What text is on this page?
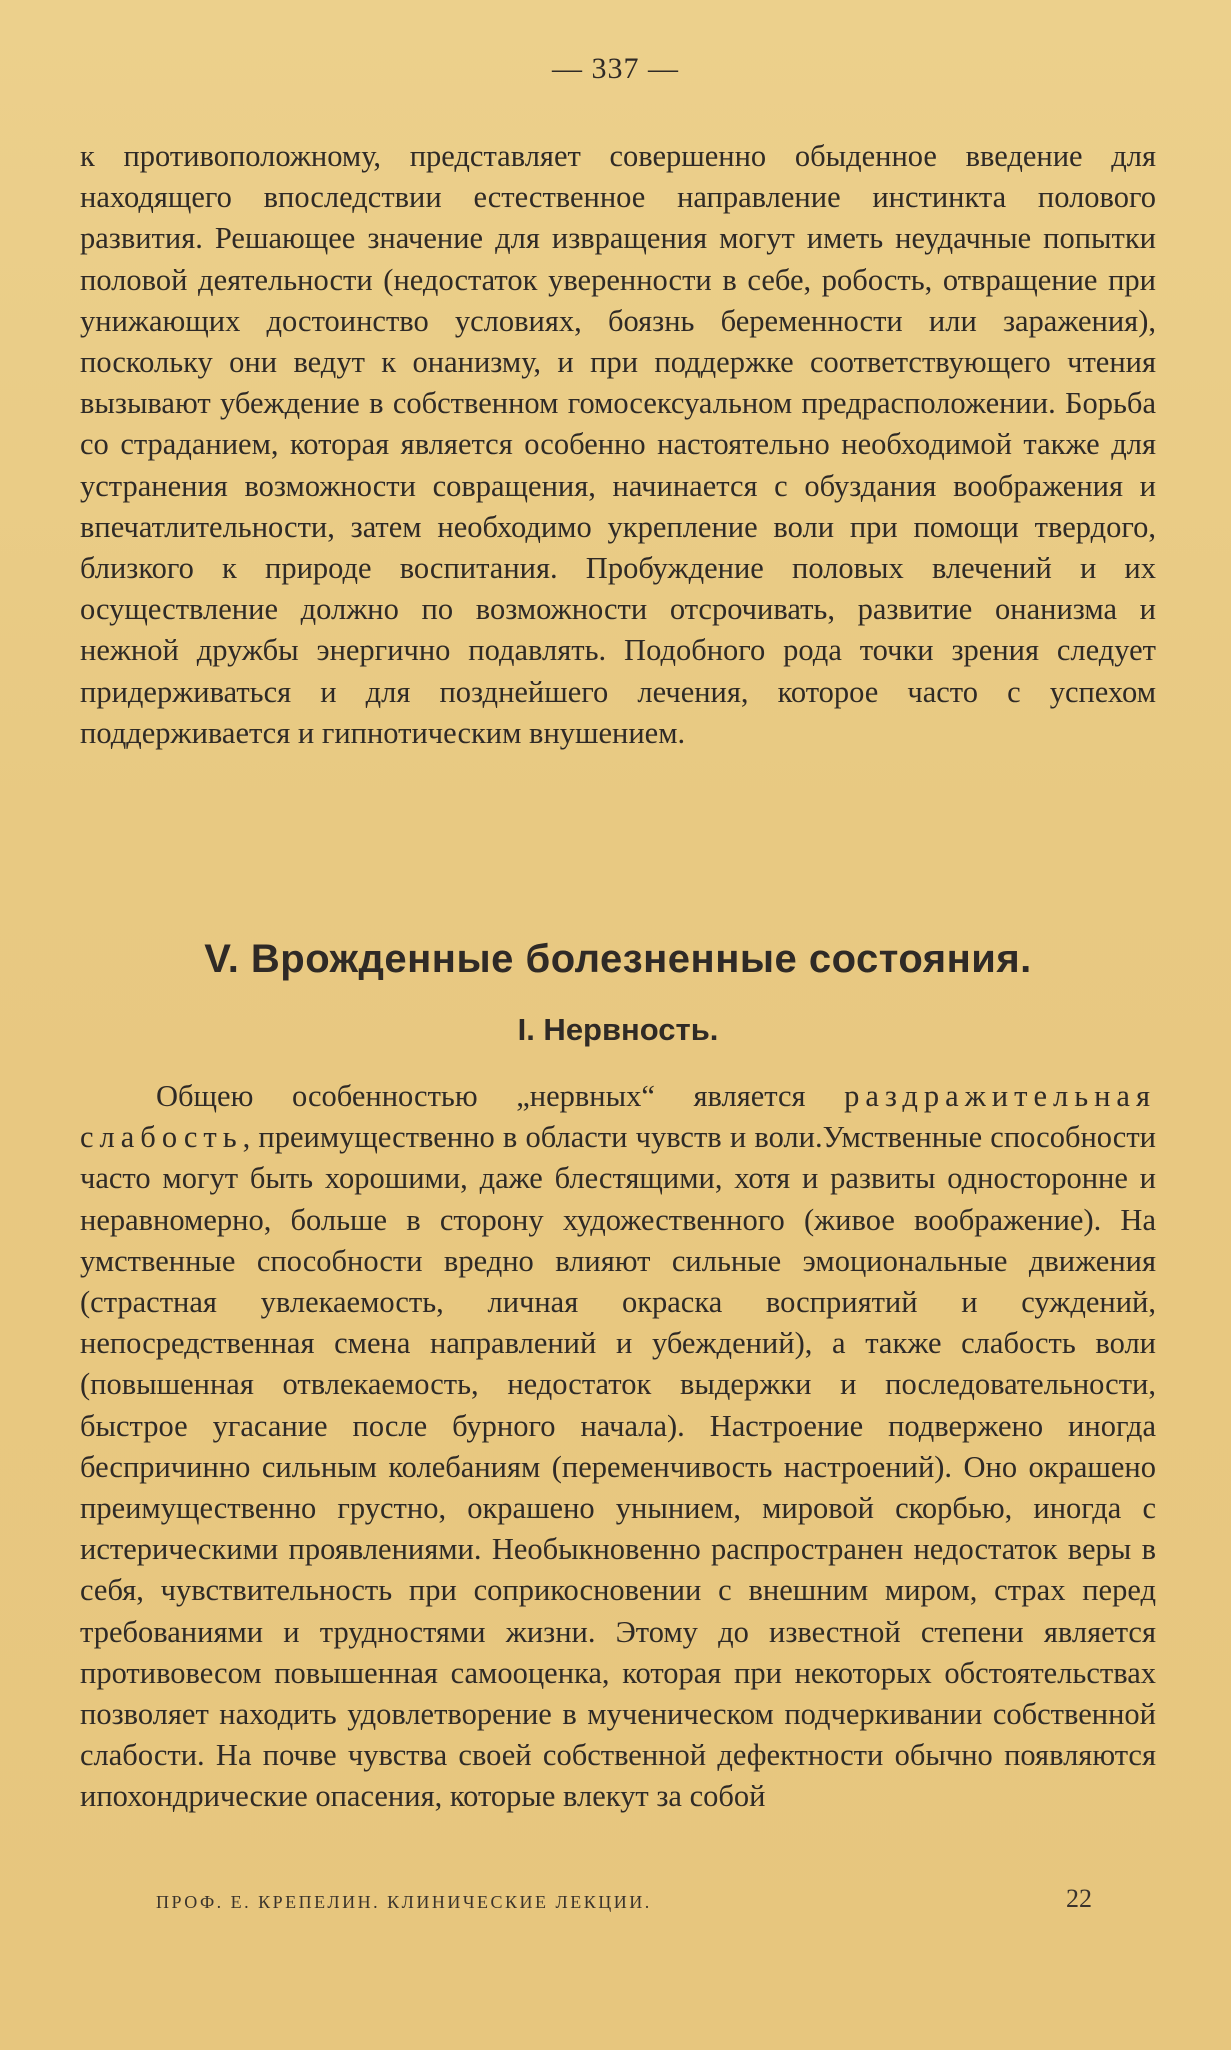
— 337 —

к противоположному, представляет совершенно обыденное введение для находящего впоследствии естественное направление инстинкта полового развития. Решающее значение для извращения могут иметь неудачные попытки половой деятельности (недостаток уверенности в себе, робость, отвращение при унижающих достоинство условиях, боязнь беременности или заражения), поскольку они ведут к онанизму, и при поддержке соответствующего чтения вызывают убеждение в собственном гомосексуальном предрасположении. Борьба со страданием, которая является особенно настоятельно необходимой также для устранения возможности совращения, начинается с обуздания воображения и впечатлительности, затем необходимо укрепление воли при помощи твердого, близкого к природе воспитания. Пробуждение половых влечений и их осуществление должно по возможности отсрочивать, развитие онанизма и нежной дружбы энергично подавлять. Подобного рода точки зрения следует придерживаться и для позднейшего лечения, которое часто с успехом поддерживается и гипнотическим внушением.

V. Врожденные болезненные состояния.
I. Нервность.

Общею особенностью „нервных“ является раздражительная слабость, преимущественно в области чувств и воли.Умственные способности часто могут быть хорошими, даже блестящими, хотя и развиты односторонне и неравномерно, больше в сторону художественного (живое воображение). На умственные способности вредно влияют сильные эмоциональные движения (страстная увлекаемость, личная окраска восприятий и суждений, непосредственная смена направлений и убеждений), а также слабость воли (повышенная отвлекаемость, недостаток выдержки и последовательности, быстрое угасание после бурного начала). Настроение подвержено иногда беспричинно сильным колебаниям (переменчивость настроений). Оно окрашено преимущественно грустно, окрашено унынием, мировой скорбью, иногда с истерическими проявлениями. Необыкновенно распространен недостаток веры в себя, чувствительность при соприкосновении с внешним миром, страх перед требованиями и трудностями жизни. Этому до известной степени является противовесом повышенная самооценка, которая при некоторых обстоятельствах позволяет находить удовлетворение в мученическом подчеркивании собственной слабости. На почве чувства своей собственной дефектности обычно появляются ипохондрические опасения, которые влекут за собой

ПРОФ. Е. КРЕПЕЛИН. КЛИНИЧЕСКИЕ ЛЕКЦИИ.	22
